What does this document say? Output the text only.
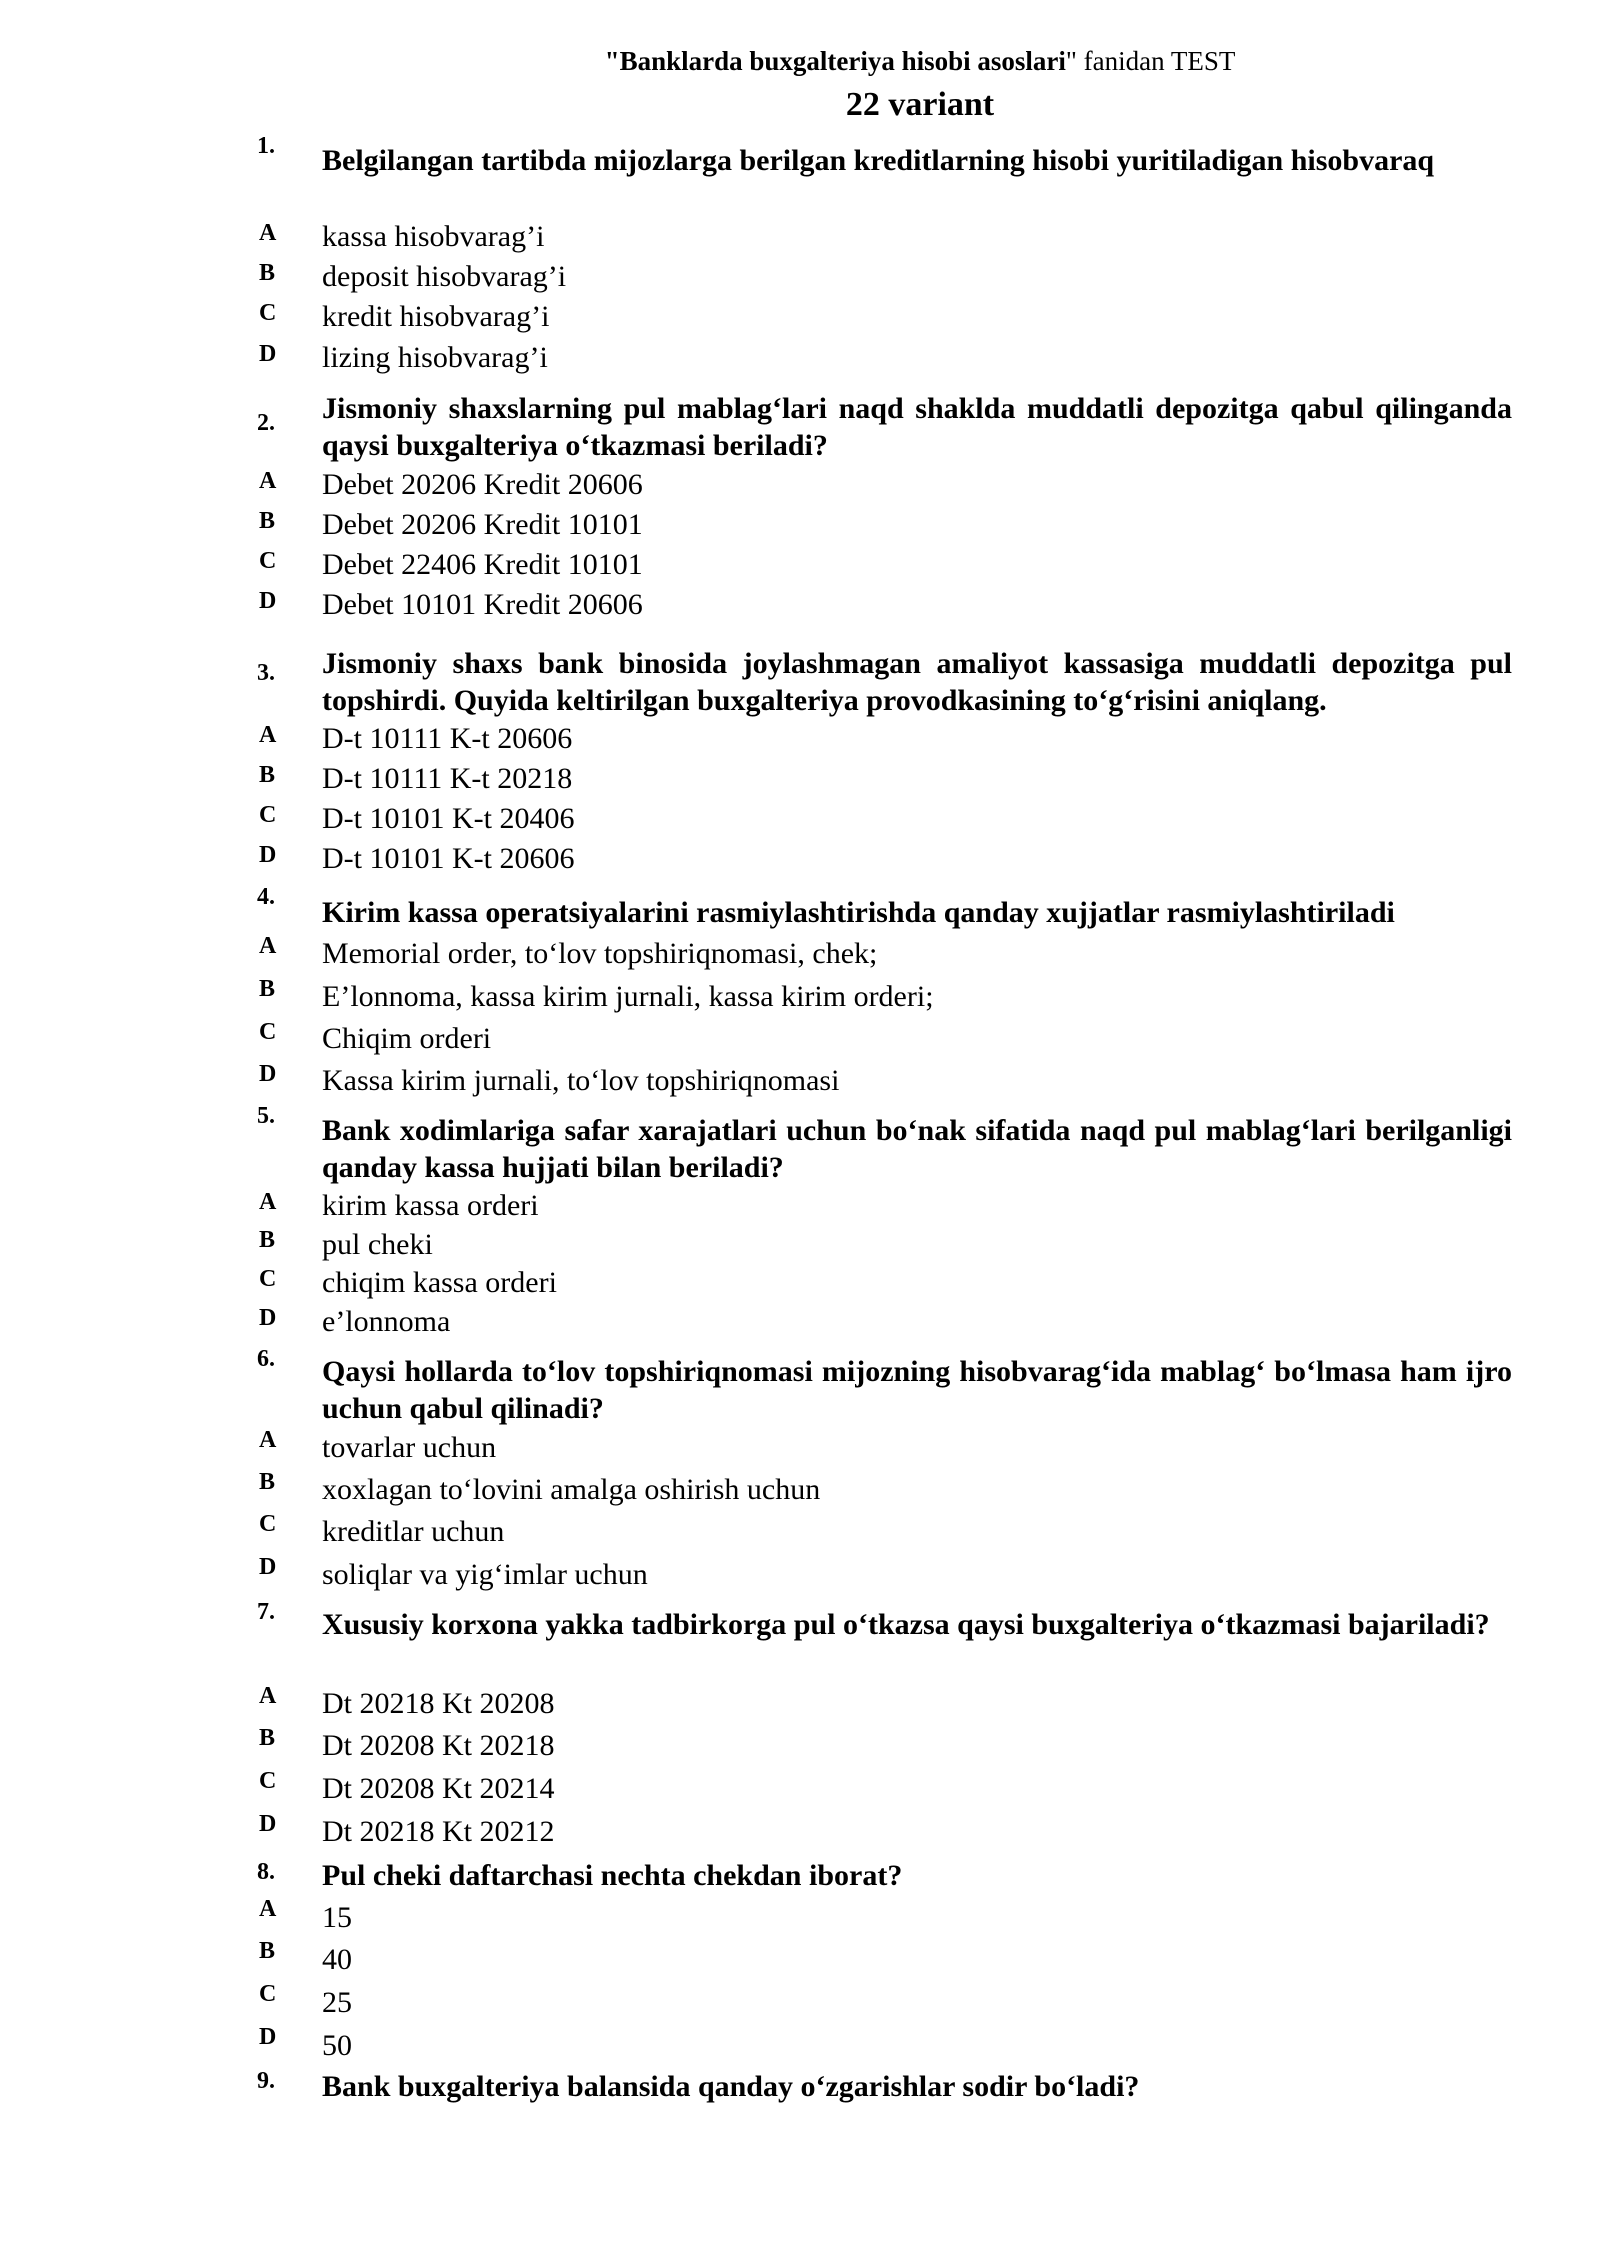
"Banklarda buxgalteriya hisobi asoslari" fanidan TEST
22 variant
1. Belgilangan tartibda mijozlarga berilgan kreditlarning hisobi yuritiladigan hisobvaraq
A kassa hisobvarag’i
B deposit hisobvarag’i
C kredit hisobvarag’i
D lizing hisobvarag’i
2. Jismoniy shaxslarning pul mablag‘lari naqd shakldа muddatli depozitga qabul qilinganda qaysi buxgalteriya o‘tkazmasi beriladi?
A Debet 20206 Kredit 20606
B Debet 20206 Kredit 10101
C Debet 22406 Kredit 10101
D Debet 10101 Kredit 20606
3. Jismoniy shaxs bank binosida joylashmagan amaliyot kassasiga muddatli depozitga pul topshirdi. Quyida keltirilgan buxgalteriya provodkasining to‘g‘risini aniqlang.
A D-t 10111 K-t 20606
B D-t 10111 K-t 20218
C D-t 10101 K-t 20406
D D-t 10101 K-t 20606
4. Kirim kassa operatsiyalarini rasmiylashtirishda qanday xujjatlar rasmiylashtiriladi
A Memorial order, to‘lov topshiriqnomasi, chek;
B E’lonnoma, kassa kirim jurnali, kassa kirim orderi;
C Chiqim orderi
D Kassa kirim jurnali, to‘lov topshiriqnomasi
5. Bank xodimlariga safar xarajatlari uchun bo‘nak sifatida naqd pul mablag‘lari berilganligi qanday kassa hujjati bilan beriladi?
A kirim kassa orderi
B pul cheki
C chiqim kassa orderi
D e’lonnoma
6. Qaysi hollarda to‘lov topshiriqnomasi mijozning hisobvarag‘ida mablag‘ bo‘lmasa ham ijro uchun qabul qilinadi?
A tovarlar uchun
B xoxlagan to‘lovini amalga oshirish uchun
C kreditlar uchun
D soliqlar va yig‘imlar uchun
7. Xususiy korxona yakka tadbirkorga pul o‘tkazsa qaysi buxgalteriya o‘tkazmasi bajariladi?
A Dt 20218 Kt 20208
B Dt 20208 Kt 20218
C Dt 20208 Kt 20214
D Dt 20218 Kt 20212
8. Pul cheki daftarchasi nechta chekdan iborat?
A 15
B 40
C 25
D 50
9. Bank buxgalteriya balansida qanday o‘zgarishlar sodir bo‘ladi?
